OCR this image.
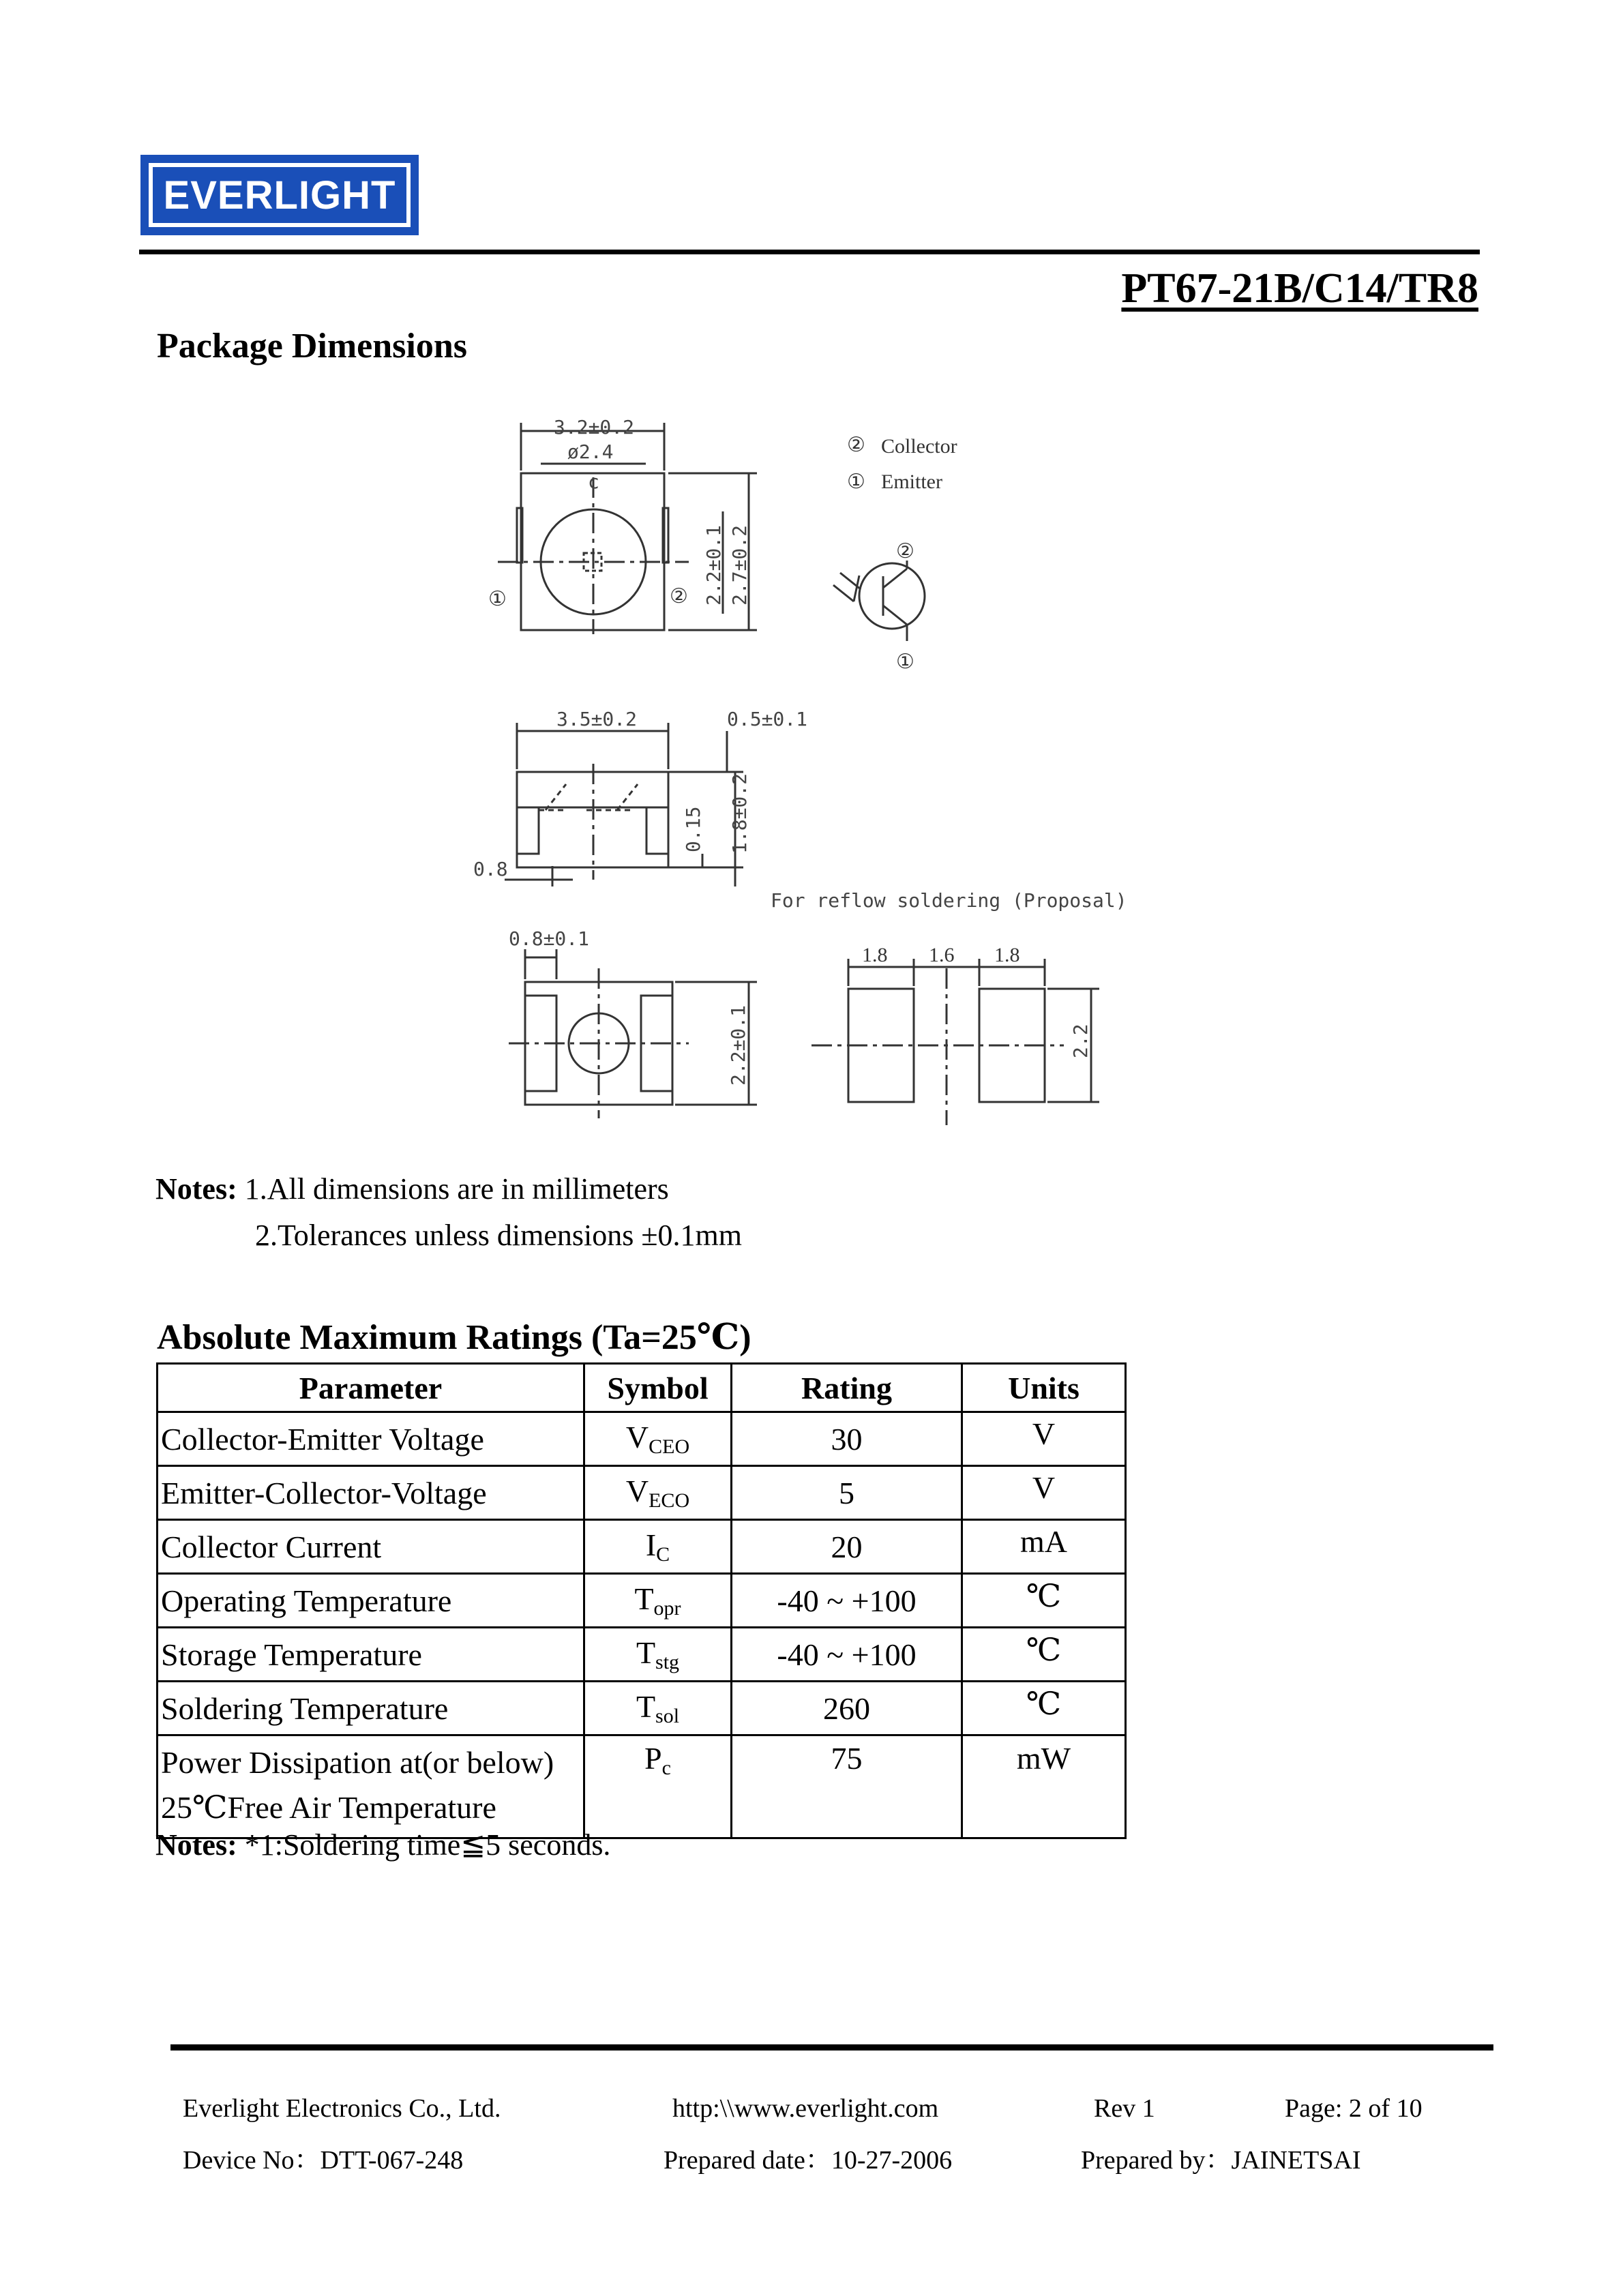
EVERLIGHT
PT67-21B/C14/TR8
Package Dimensions
3.2±0.2
ø2.4
c
2.2±0.1 2.7±0.2
①	②
② Collector
① Emitter
②
①
3.5±0.2	0.5±0.1
0.15 1.8±0.2
0.8
For reflow soldering (Proposal)
0.8±0.1
2.2±0.1
1.8 1.6 1.8
2.2
Notes: 1.All dimensions are in millimeters
2.Tolerances unless dimensions ±0.1mm
Absolute Maximum Ratings (Ta=25℃)
Parameter	Symbol	Rating	Units
Collector-Emitter Voltage	$V_{CEO}$	30	V
Emitter-Collector-Voltage	$V_{ECO}$	5	V
Collector Current	$I_C$	20	mA
Operating Temperature	$T_{opr}$	-40 ~ +100	℃
Storage Temperature	$T_{stg}$	-40 ~ +100	℃
Soldering Temperature	$T_{sol}$	260	℃
Power Dissipation at(or below)
25℃Free Air Temperature	$P_c$	75	mW
Notes: *1:Soldering time≦5 seconds.
Everlight Electronics Co., Ltd.	http:\\www.everlight.com	Rev 1	Page: 2 of 10
Device No：DTT-067-248	Prepared date：10-27-2006	Prepared by：JAINETSAI
